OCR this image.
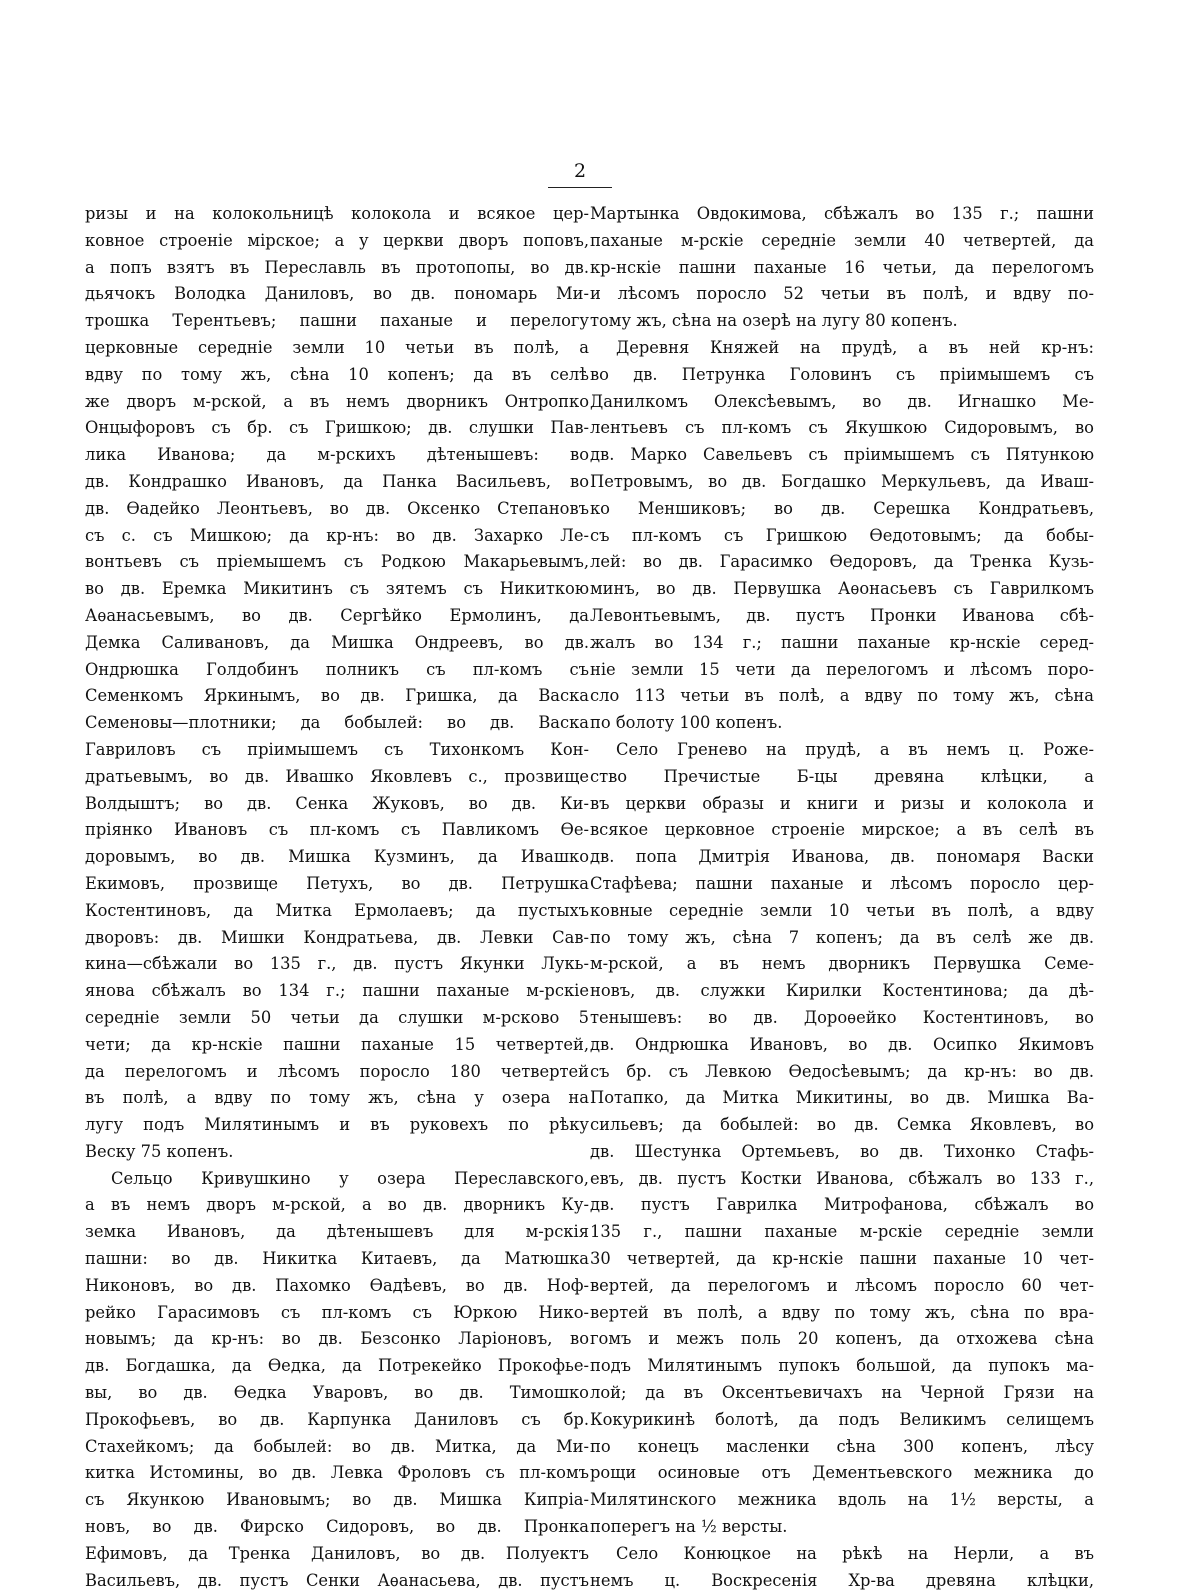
2
ризы и на колокольницѣ колокола и всякое цер-
ковное строеніе мірское; а у церкви дворъ поповъ,
а попъ взятъ въ Переславль въ протопопы, во дв.
дьячокъ Володка Даниловъ, во дв. пономарь Ми-
трошка Терентьевъ; пашни паханые и перелогу
церковные середніе земли 10 четьи въ полѣ, а
вдву по тому жъ, сѣна 10 копенъ; да въ селѣ
же дворъ м-рской, а въ немъ дворникъ Онтропко
Онцыфоровъ съ бр. съ Гришкою; дв. слушки Пав-
лика Иванова; да м-рскихъ дѣтенышевъ: во
дв. Кондрашко Ивановъ, да Панка Васильевъ, во
дв. Ѳадейко Леонтьевъ, во дв. Оксенко Степановъ
съ с. съ Мишкою; да кр-нъ: во дв. Захарко Ле-
вонтьевъ съ пріемышемъ съ Родкою Макарьевымъ,
во дв. Еремка Микитинъ съ зятемъ съ Никиткою
Аѳанасьевымъ, во дв. Сергѣйко Ермолинъ, да
Демка Саливановъ, да Мишка Ондреевъ, во дв.
Ондрюшка Голдобинъ полникъ съ пл-комъ съ
Семенкомъ Яркинымъ, во дв. Гришка, да Васка
Семеновы—плотники; да бобылей: во дв. Васка
Гавриловъ съ пріимышемъ съ Тихонкомъ Кон-
дратьевымъ, во дв. Ивашко Яковлевъ с., прозвище
Волдыштъ; во дв. Сенка Жуковъ, во дв. Ки-
пріянко Ивановъ съ пл-комъ съ Павликомъ Ѳе-
доровымъ, во дв. Мишка Кузминъ, да Ивашко
Екимовъ, прозвище Петухъ, во дв. Петрушка
Костентиновъ, да Митка Ермолаевъ; да пустыхъ
дворовъ: дв. Мишки Кондратьева, дв. Левки Сав-
кина—сбѣжали во 135 г., дв. пустъ Якунки Лукь-
янова сбѣжалъ во 134 г.; пашни паханые м-рскіе
середніе земли 50 четьи да слушки м-рсково 5
чети; да кр-нскіе пашни паханые 15 четвертей,
да перелогомъ и лѣсомъ поросло 180 четвертей
въ полѣ, а вдву по тому жъ, сѣна у озера на
лугу подъ Милятинымъ и въ руковехъ по рѣку
Веску 75 копенъ.
Сельцо Кривушкино у озера Переславского,
а въ немъ дворъ м-рской, а во дв. дворникъ Ку-
земка Ивановъ, да дѣтенышевъ для м-рскія
пашни: во дв. Никитка Китаевъ, да Матюшка
Никоновъ, во дв. Пахомко Ѳадѣевъ, во дв. Ноф-
рейко Гарасимовъ съ пл-комъ съ Юркою Нико-
новымъ; да кр-нъ: во дв. Безсонко Ларіоновъ, во
дв. Богдашка, да Ѳедка, да Потрекейко Прокофье-
вы, во дв. Ѳедка Уваровъ, во дв. Тимошко
Прокофьевъ, во дв. Карпунка Даниловъ съ бр.
Стахейкомъ; да бобылей: во дв. Митка, да Ми-
китка Истомины, во дв. Левка Фроловъ съ пл-комъ
съ Якункою Ивановымъ; во дв. Мишка Кипріа-
новъ, во дв. Фирско Сидоровъ, во дв. Пронка
Ефимовъ, да Тренка Даниловъ, во дв. Полуектъ
Васильевъ, дв. пустъ Сенки Аѳанасьева, дв. пустъ
Мартынка Овдокимова, сбѣжалъ во 135 г.; пашни
паханые м-рскіе середніе земли 40 четвертей, да
кр-нскіе пашни паханые 16 четьи, да перелогомъ
и лѣсомъ поросло 52 четьи въ полѣ, и вдву по-
тому жъ, сѣна на озерѣ на лугу 80 копенъ.
Деревня Княжей на прудѣ, а въ ней кр-нъ:
во дв. Петрунка Головинъ съ пріимышемъ съ
Данилкомъ Олексѣевымъ, во дв. Игнашко Ме-
лентьевъ съ пл-комъ съ Якушкою Сидоровымъ, во
дв. Марко Савельевъ съ пріимышемъ съ Пятункою
Петровымъ, во дв. Богдашко Меркульевъ, да Иваш-
ко Меншиковъ; во дв. Серешка Кондратьевъ,
съ пл-комъ съ Гришкою Ѳедотовымъ; да бобы-
лей: во дв. Гарасимко Ѳедоровъ, да Тренка Кузь-
минъ, во дв. Первушка Аѳонасьевъ съ Гаврилкомъ
Левонтьевымъ, дв. пустъ Пронки Иванова сбѣ-
жалъ во 134 г.; пашни паханые кр-нскіе серед-
ніе земли 15 чети да перелогомъ и лѣсомъ поро-
сло 113 четьи въ полѣ, а вдву по тому жъ, сѣна
по болоту 100 копенъ.
Село Гренево на прудѣ, а въ немъ ц. Роже-
ство Пречистые Б-цы древяна клѣцки, а
въ церкви образы и книги и ризы и колокола и
всякое церковное строеніе мирское; а въ селѣ въ
дв. попа Дмитрія Иванова, дв. пономаря Васки
Стафѣева; пашни паханые и лѣсомъ поросло цер-
ковные середніе земли 10 четьи въ полѣ, а вдву
по тому жъ, сѣна 7 копенъ; да въ селѣ же дв.
м-рской, а въ немъ дворникъ Первушка Семе-
новъ, дв. служки Кирилки Костентинова; да дѣ-
тенышевъ: во дв. Дороѳейко Костентиновъ, во
дв. Ондрюшка Ивановъ, во дв. Осипко Якимовъ
съ бр. съ Левкою Ѳедосѣевымъ; да кр-нъ: во дв.
Потапко, да Митка Микитины, во дв. Мишка Ва-
сильевъ; да бобылей: во дв. Семка Яковлевъ, во
дв. Шестунка Ортемьевъ, во дв. Тихонко Стафь-
евъ, дв. пустъ Костки Иванова, сбѣжалъ во 133 г.,
дв. пустъ Гаврилка Митрофанова, сбѣжалъ во
135 г., пашни паханые м-рскіе середніе земли
30 четвертей, да кр-нскіе пашни паханые 10 чет-
вертей, да перелогомъ и лѣсомъ поросло 60 чет-
вертей въ полѣ, а вдву по тому жъ, сѣна по вра-
гомъ и межъ поль 20 копенъ, да отхожева сѣна
подъ Милятинымъ пупокъ большой, да пупокъ ма-
лой; да въ Оксентьевичахъ на Черной Грязи на
Кокурикинѣ болотѣ, да подъ Великимъ селищемъ
по конецъ масленки сѣна 300 копенъ, лѣсу
рощи осиновые отъ Дементьевского межника до
Милятинского межника вдоль на 1½ версты, а
поперегъ на ½ версты.
Село Конюцкое на рѣкѣ на Нерли, а въ
немъ ц. Воскресенія Хр-ва древяна клѣцки,
